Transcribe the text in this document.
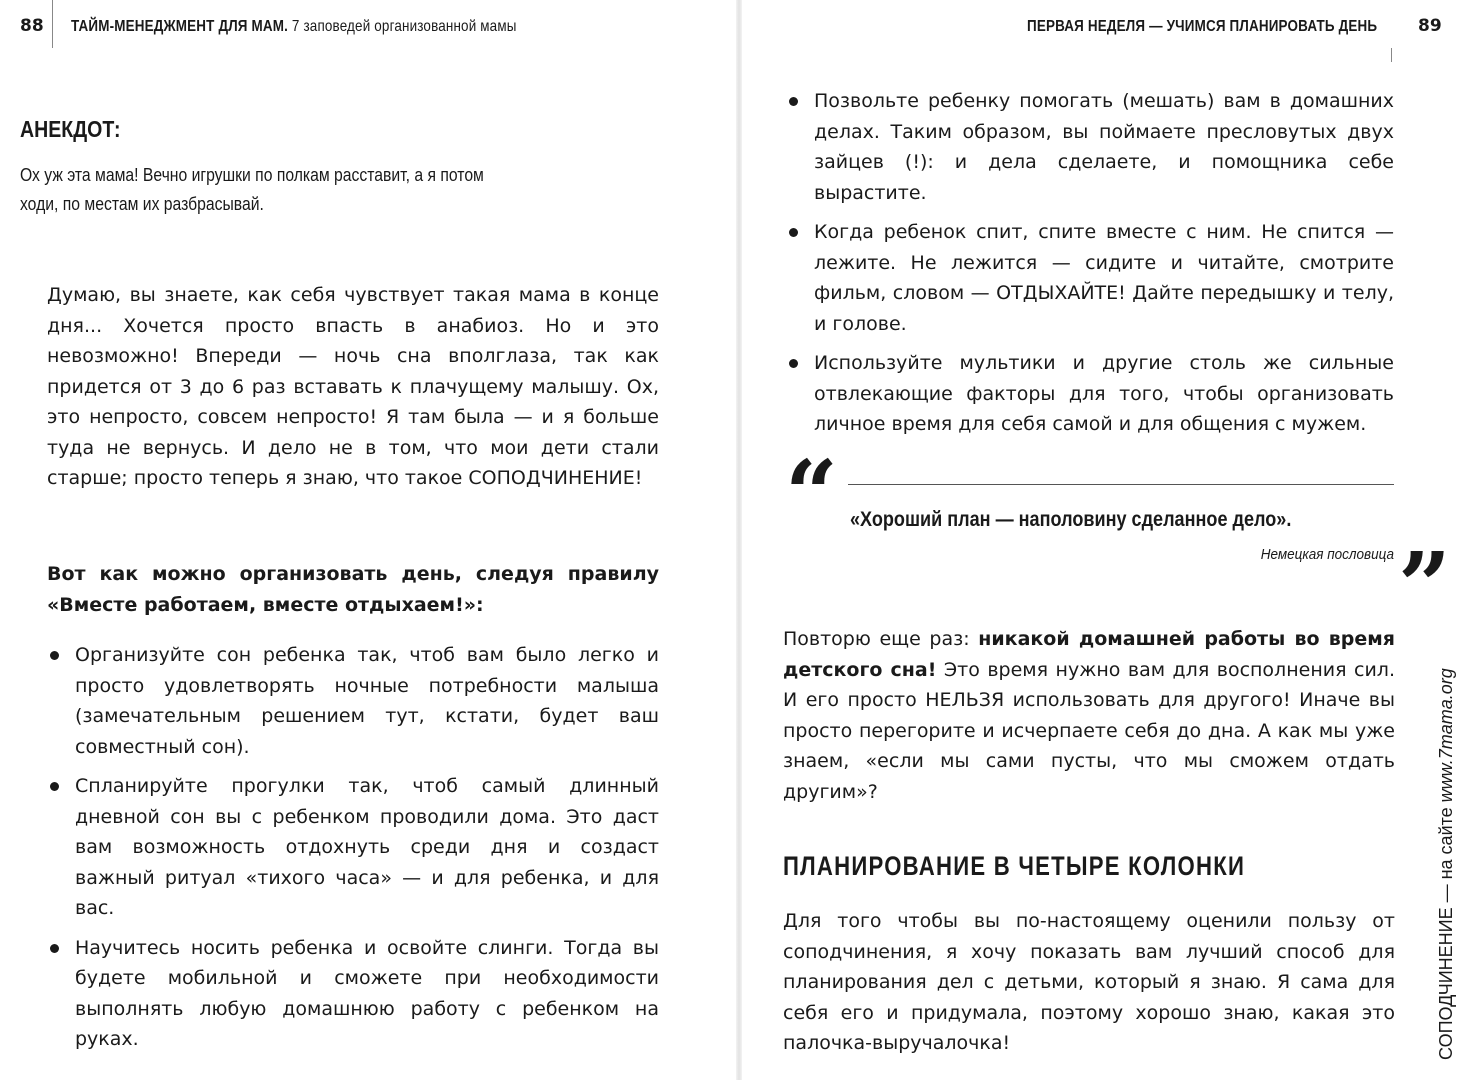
88 ТАЙМ-МЕНЕДЖМЕНТ ДЛЯ МАМ. 7 заповедей организованной мамы
АНЕКДОТ:
Ох уж эта мама! Вечно игрушки по полкам расставит, а я потом
ходи, по местам их разбрасывай.
Думаю, вы знаете, как себя чувствует такая мама в конце дня... Хочется просто впасть в анабиоз. Но и это невозможно! Впереди — ночь сна вполглаза, так как придется от 3 до 6 раз вставать к плачущему малышу. Ох, это непросто, совсем непросто! Я там была — и я больше туда не вернусь. И дело не в том, что мои дети стали старше; просто теперь я знаю, что такое СОПОДЧИНЕНИЕ!
Вот как можно организовать день, следуя правилу «Вместе работаем, вместе отдыхаем!»:
Организуйте сон ребенка так, чтоб вам было легко и просто удовлетворять ночные потребности малыша (замечательным решением тут, кстати, будет ваш совместный сон).
Спланируйте прогулки так, чтоб самый длинный дневной сон вы с ребенком проводили дома. Это даст вам возможность отдохнуть среди дня и создаст важный ритуал «тихого часа» — и для ребенка, и для вас.
Научитесь носить ребенка и освойте слинги. Тогда вы будете мобильной и сможете при необходимости выполнять любую домашнюю работу с ребенком на руках.
ПЕРВАЯ НЕДЕЛЯ — УЧИМСЯ ПЛАНИРОВАТЬ ДЕНЬ 89
Позвольте ребенку помогать (мешать) вам в домашних делах. Таким образом, вы поймаете пресловутых двух зайцев (!): и дела сделаете, и помощника себе вырастите.
Когда ребенок спит, спите вместе с ним. Не спится — лежите. Не лежится — сидите и читайте, смотрите фильм, словом — ОТДЫХАЙТЕ! Дайте передышку и телу, и голове.
Используйте мультики и другие столь же сильные отвлекающие факторы для того, чтобы организовать личное время для себя самой и для общения с мужем.
“ «Хороший план — наполовину сделанное дело».
Немецкая пословица ”
Повторю еще раз: никакой домашней работы во время детского сна! Это время нужно вам для восполнения сил. И его просто НЕЛЬЗЯ использовать для другого! Иначе вы просто перегорите и исчерпаете себя до дна. А как мы уже знаем, «если мы сами пусты, что мы сможем отдать другим»?
ПЛАНИРОВАНИЕ В ЧЕТЫРЕ КОЛОНКИ
Для того чтобы вы по-настоящему оценили пользу от соподчинения, я хочу показать вам лучший способ для планирования дел с детьми, который я знаю. Я сама для себя его и придумала, поэтому хорошо знаю, какая это палочка-выручалочка!	СОПОДЧИНЕНИЕ — на сайте www.7mama.org
